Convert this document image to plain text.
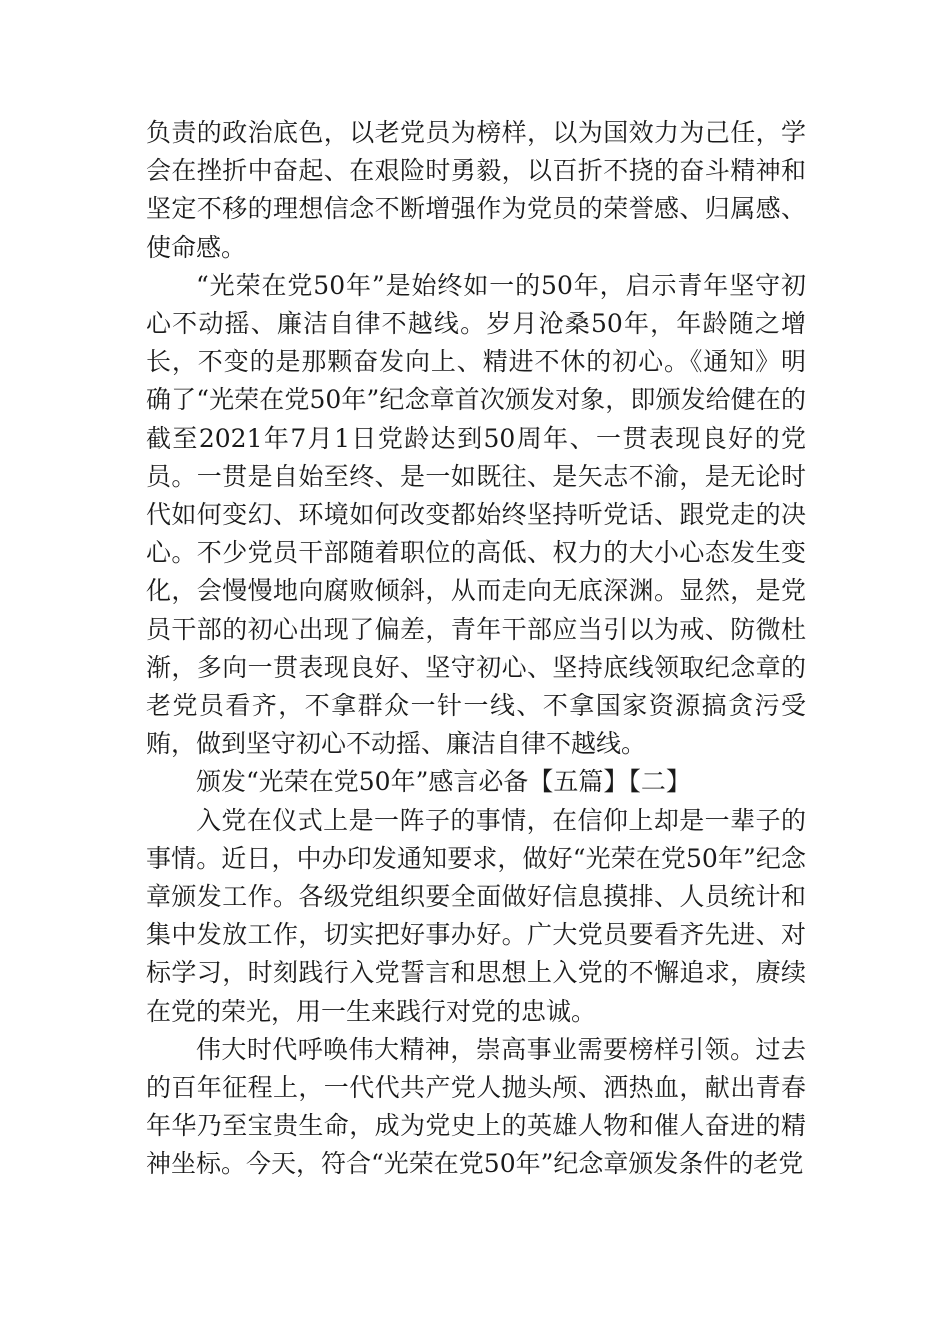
负责的政治底色，以老党员为榜样，以为国效力为己任，学会在挫折中奋起、在艰险时勇毅，以百折不挠的奋斗精神和坚定不移的理想信念不断增强作为党员的荣誉感、归属感、使命感。

“光荣在党50年”是始终如一的50年，启示青年坚守初心不动摇、廉洁自律不越线。岁月沧桑50年，年龄随之增长，不变的是那颗奋发向上、精进不休的初心。《通知》明确了“光荣在党50年”纪念章首次颁发对象，即颁发给健在的截至2021年7月1日党龄达到50周年、一贯表现良好的党员。一贯是自始至终、是一如既往、是矢志不渝，是无论时代如何变幻、环境如何改变都始终坚持听党话、跟党走的决心。不少党员干部随着职位的高低、权力的大小心态发生变化，会慢慢地向腐败倾斜，从而走向无底深渊。显然，是党员干部的初心出现了偏差，青年干部应当引以为戒、防微杜渐，多向一贯表现良好、坚守初心、坚持底线领取纪念章的老党员看齐，不拿群众一针一线、不拿国家资源搞贪污受贿，做到坚守初心不动摇、廉洁自律不越线。

颁发“光荣在党50年”感言必备【五篇】【二】

入党在仪式上是一阵子的事情，在信仰上却是一辈子的事情。近日，中办印发通知要求，做好“光荣在党50年”纪念章颁发工作。各级党组织要全面做好信息摸排、人员统计和集中发放工作，切实把好事办好。广大党员要看齐先进、对标学习，时刻践行入党誓言和思想上入党的不懈追求，赓续在党的荣光，用一生来践行对党的忠诚。

伟大时代呼唤伟大精神，崇高事业需要榜样引领。过去的百年征程上，一代代共产党人抛头颅、洒热血，献出青春年华乃至宝贵生命，成为党史上的英雄人物和催人奋进的精神坐标。今天，符合“光荣在党50年”纪念章颁发条件的老党
